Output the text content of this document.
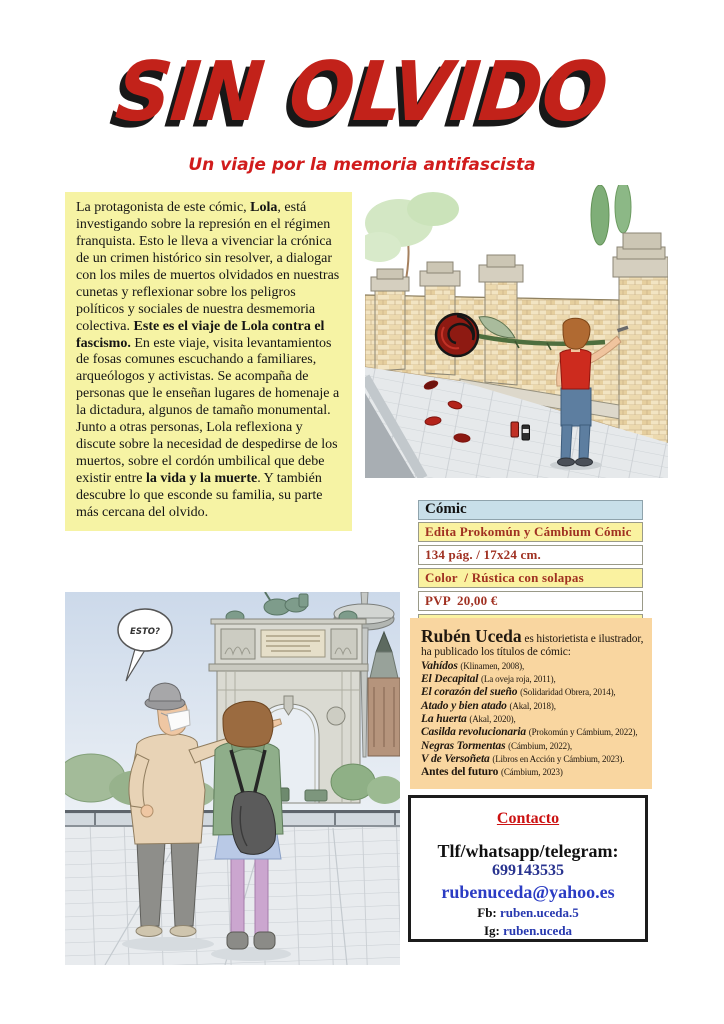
SIN OLVIDO
Un viaje por la memoria antifascista

La protagonista de este cómic, Lola, está investigando sobre la represión en el régimen franquista. Esto le lleva a vivenciar la crónica de un crimen histórico sin resolver, a dialogar con los miles de muertos olvidados en nuestras cunetas y reflexionar sobre los peligros políticos y sociales de nuestra desmemoria colectiva. Este es el viaje de Lola contra el fascismo. En este viaje, visita levantamientos de fosas comunes escuchando a familiares, arqueólogos y activistas. Se acompaña de personas que le enseñan lugares de homenaje a la dictadura, algunos de tamaño monumental.

Junto a otras personas, Lola reflexiona y discute sobre la necesidad de despedirse de los muertos, sobre el cordón umbilical que debe existir entre la vida y la muerte. Y también descubre lo que esconde su familia, su parte más cercana del olvido.	Cómic
Edita Prokomún y Cámbium Cómic
134 pág. / 17x24 cm.
Color  / Rústica con solapas
PVP  20,00 €
Rubén Uceda es historietista e ilustrador,
ha publicado los títulos de cómic:
Vahídos (Klinamen, 2008),
El Decapital (La oveja roja, 2011),
El corazón del sueño (Solidaridad Obrera, 2014),
Atado y bien atado (Akal, 2018),
La huerta (Akal, 2020),
Casilda revolucionaria (Prokomún y Cámbium, 2022),
Negras Tormentas (Cámbium, 2022),
V de Versoñeta (Libros en Acción y Cámbium, 2023).
Antes del futuro (Cámbium, 2023)
Contacto
Tlf/whatsapp/telegram:
699143535
rubenuceda@yahoo.es
Fb: ruben.uceda.5
Ig: ruben.uceda
ESTO?
